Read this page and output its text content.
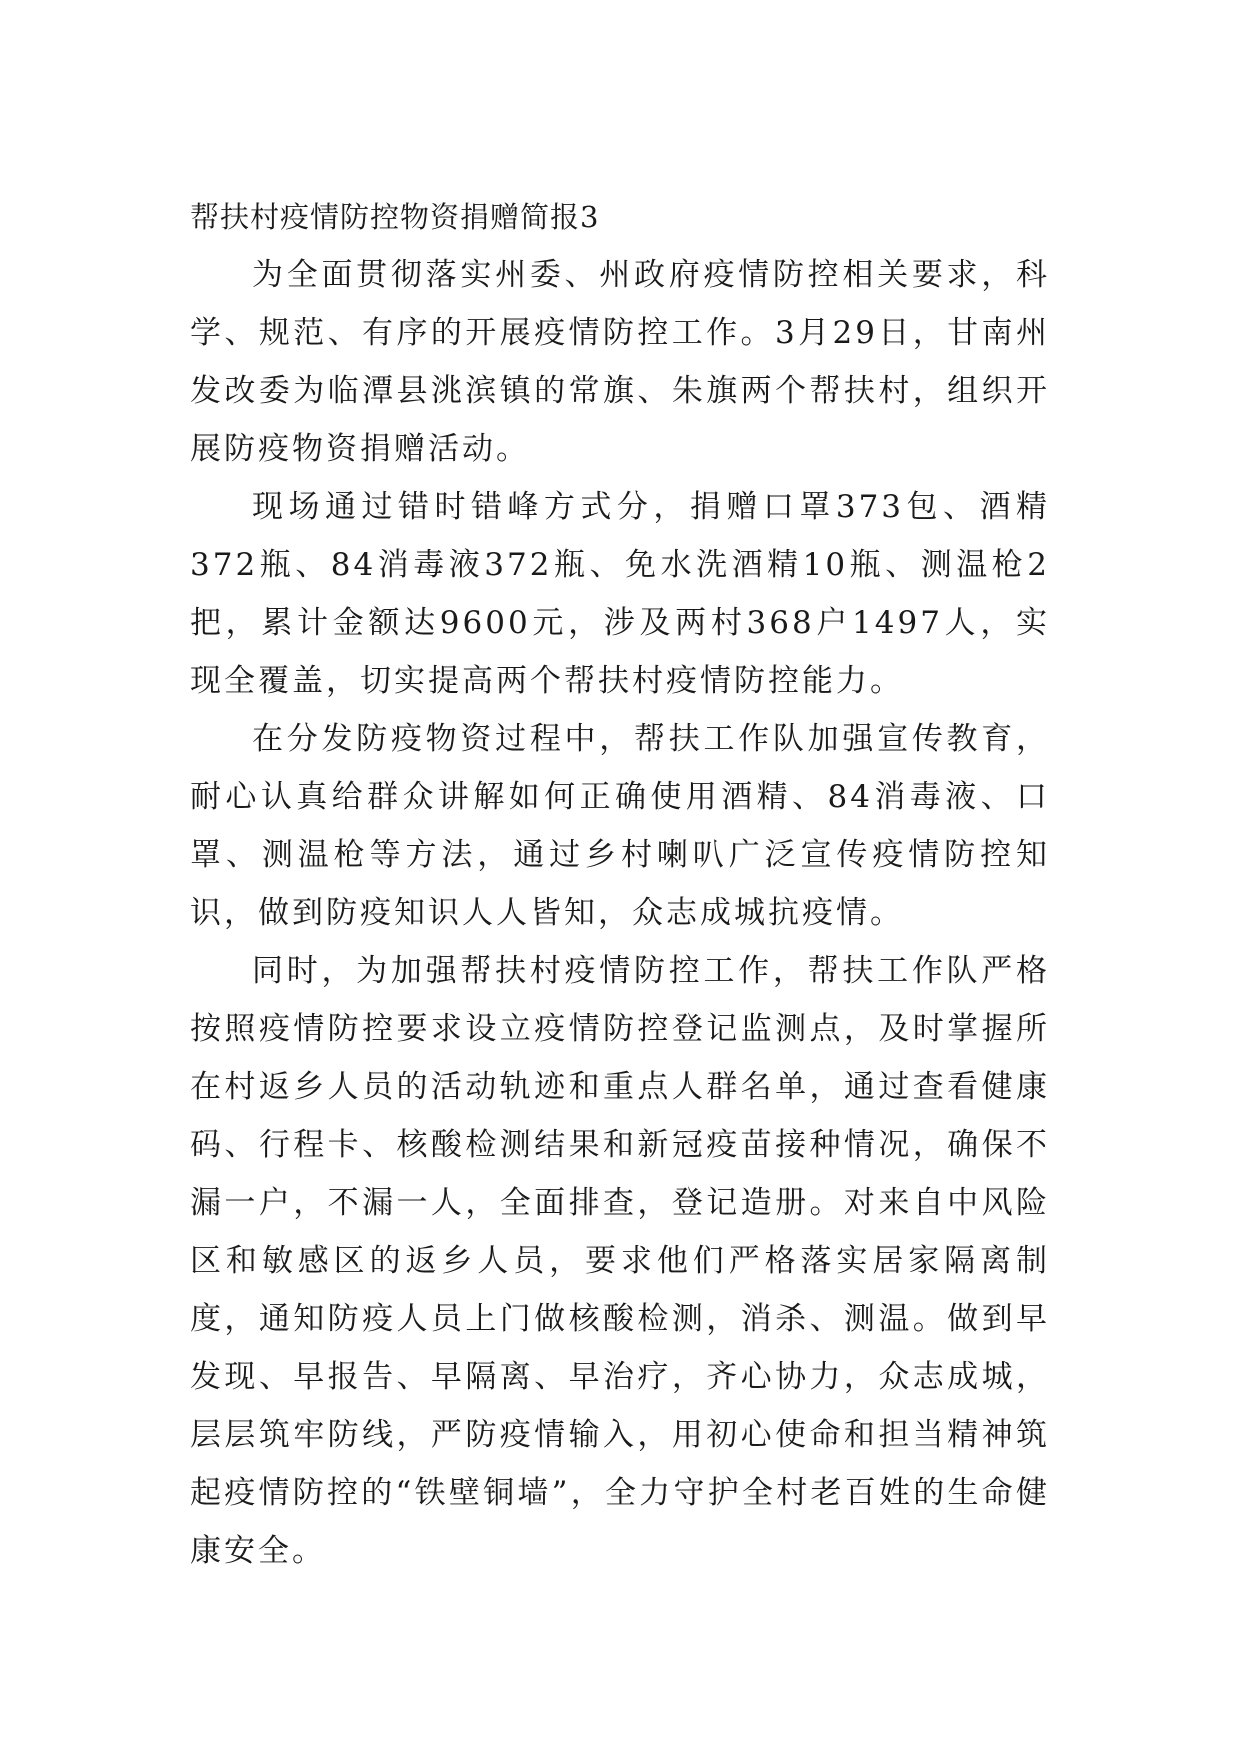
帮扶村疫情防控物资捐赠简报3

为全面贯彻落实州委、州政府疫情防控相关要求，科学、规范、有序的开展疫情防控工作。3月29日，甘南州发改委为临潭县洮滨镇的常旗、朱旗两个帮扶村，组织开展防疫物资捐赠活动。

现场通过错时错峰方式分，捐赠口罩373包、酒精372瓶、84消毒液372瓶、免水洗酒精10瓶、测温枪2把，累计金额达9600元，涉及两村368户1497人，实现全覆盖，切实提高两个帮扶村疫情防控能力。

在分发防疫物资过程中，帮扶工作队加强宣传教育，耐心认真给群众讲解如何正确使用酒精、84消毒液、口罩、测温枪等方法，通过乡村喇叭广泛宣传疫情防控知识，做到防疫知识人人皆知，众志成城抗疫情。

同时，为加强帮扶村疫情防控工作，帮扶工作队严格按照疫情防控要求设立疫情防控登记监测点，及时掌握所在村返乡人员的活动轨迹和重点人群名单，通过查看健康码、行程卡、核酸检测结果和新冠疫苗接种情况，确保不漏一户，不漏一人，全面排查，登记造册。对来自中风险区和敏感区的返乡人员，要求他们严格落实居家隔离制度，通知防疫人员上门做核酸检测，消杀、测温。做到早发现、早报告、早隔离、早治疗，齐心协力，众志成城，层层筑牢防线，严防疫情输入，用初心使命和担当精神筑起疫情防控的“铁壁铜墙”，全力守护全村老百姓的生命健康安全。
